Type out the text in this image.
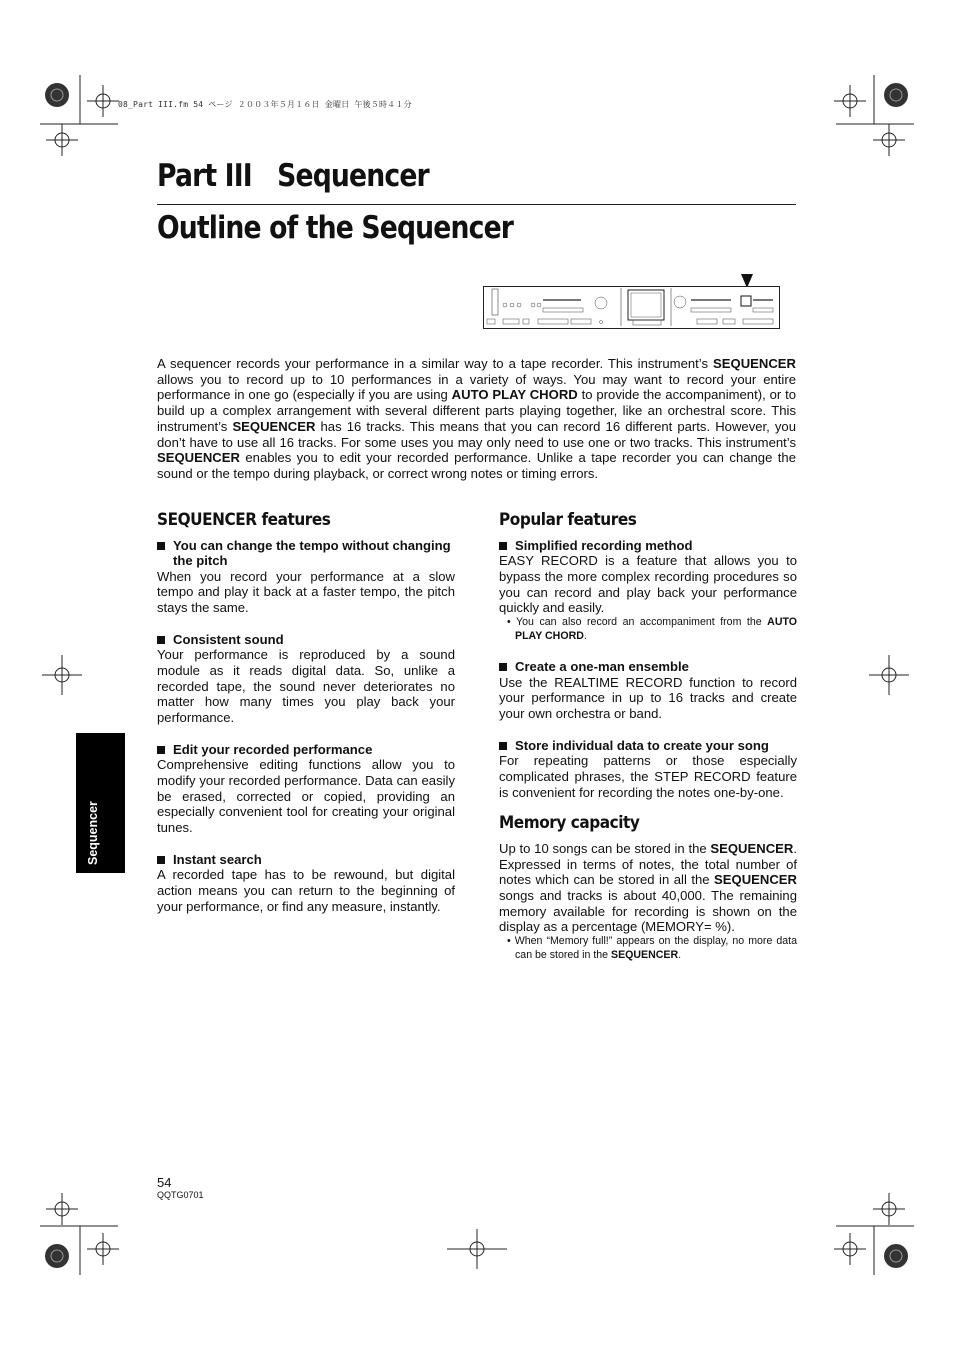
08_Part III.fm 54 ページ ２００３年５月１６日 金曜日 午後５時４１分
Part III   Sequencer
Outline of the Sequencer

A sequencer records your performance in a similar way to a tape recorder. This instrument’s SEQUENCER allows you to record up to 10 performances in a variety of ways. You may want to record your entire performance in one go (especially if you are using AUTO PLAY CHORD to provide the accompaniment), or to build up a complex arrangement with several different parts playing together, like an orchestral score. This instrument’s SEQUENCER has 16 tracks. This means that you can record 16 different parts. However, you don’t have to use all 16 tracks. For some uses you may only need to use one or two tracks. This instrument’s SEQUENCER enables you to edit your recorded performance. Unlike a tape recorder you can change the sound or the tempo during playback, or correct wrong notes or timing errors.

SEQUENCER features
You can change the tempo without changing the pitch

When you record your performance at a slow tempo and play it back at a faster tempo, the pitch stays the same.

Consistent sound

Your performance is reproduced by a sound module as it reads digital data. So, unlike a recorded tape, the sound never deteriorates no matter how many times you play back your performance.

Edit your recorded performance

Comprehensive editing functions allow you to modify your recorded performance. Data can easily be erased, corrected or copied, providing an especially convenient tool for creating your original tunes.

Instant search

A recorded tape has to be rewound, but digital action means you can return to the beginning of your performance, or find any measure, instantly.

Popular features
Simplified recording method

EASY RECORD is a feature that allows you to bypass the more complex recording procedures so you can record and play back your performance quickly and easily.

• You can also record an accompaniment from the AUTO PLAY CHORD.

Create a one-man ensemble

Use the REALTIME RECORD function to record your performance in up to 16 tracks and create your own orchestra or band.

Store individual data to create your song

For repeating patterns or those especially complicated phrases, the STEP RECORD feature is convenient for recording the notes one-by-one.

Memory capacity

Up to 10 songs can be stored in the SEQUENCER. Expressed in terms of notes, the total number of notes which can be stored in all the SEQUENCER songs and tracks is about 40,000. The remaining memory available for recording is shown on the display as a percentage (MEMORY= %).

• When “Memory full!” appears on the display, no more data can be stored in the SEQUENCER.

Sequencer
54
QQTG0701
